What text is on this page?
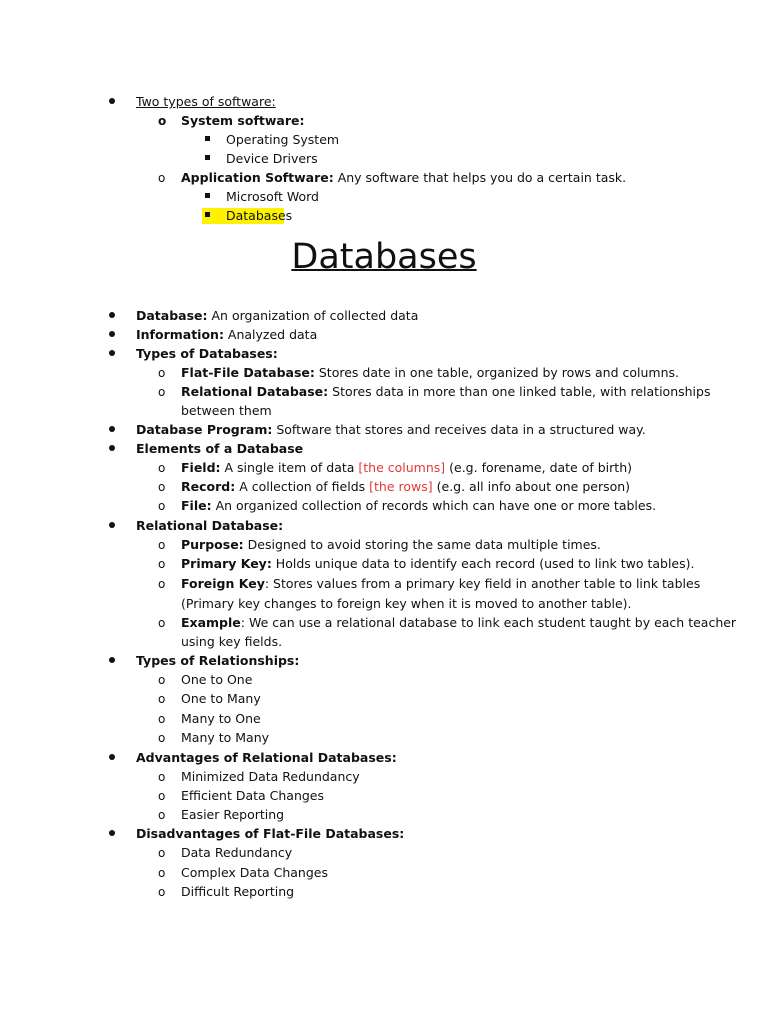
Two types of software:
o System software:
Operating System
Device Drivers
o Application Software: Any software that helps you do a certain task.
Microsoft Word
Databases
Databases
Database: An organization of collected data
Information: Analyzed data
Types of Databases:
o Flat-File Database: Stores date in one table, organized by rows and columns.
o Relational Database: Stores data in more than one linked table, with relationships
between them
Database Program: Software that stores and receives data in a structured way.
Elements of a Database
o Field: A single item of data [the columns] (e.g. forename, date of birth)
o Record: A collection of fields [the rows] (e.g. all info about one person)
o File: An organized collection of records which can have one or more tables.
Relational Database:
o Purpose: Designed to avoid storing the same data multiple times.
o Primary Key: Holds unique data to identify each record (used to link two tables).
o Foreign Key: Stores values from a primary key field in another table to link tables
(Primary key changes to foreign key when it is moved to another table).
o Example: We can use a relational database to link each student taught by each teacher
using key fields.
Types of Relationships:
o One to One
o One to Many
o Many to One
o Many to Many
Advantages of Relational Databases:
o Minimized Data Redundancy
o Efficient Data Changes
o Easier Reporting
Disadvantages of Flat-File Databases:
o Data Redundancy
o Complex Data Changes
o Difficult Reporting
